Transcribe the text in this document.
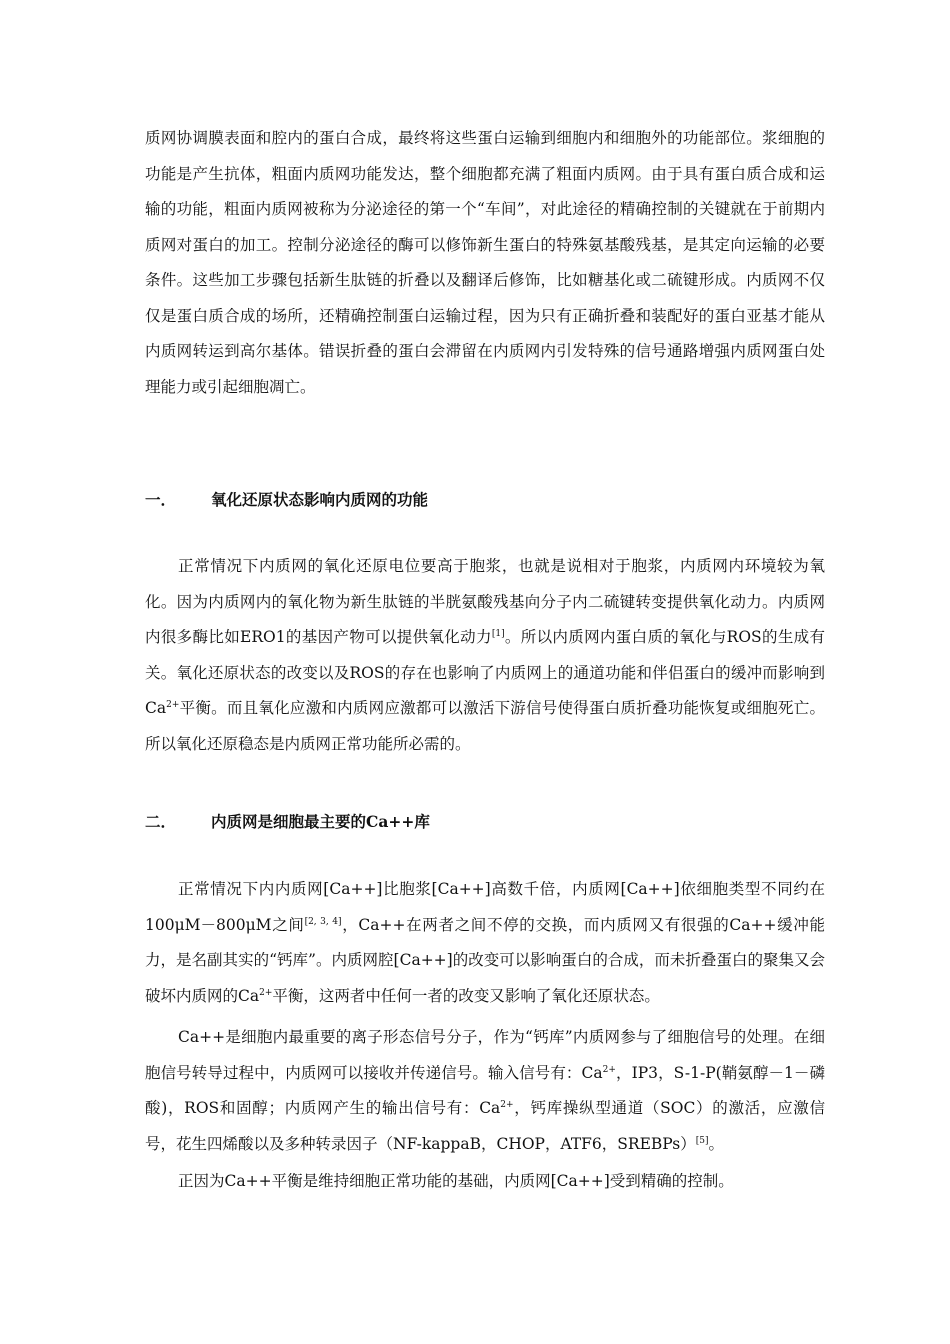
质网协调膜表面和腔内的蛋白合成，最终将这些蛋白运输到细胞内和细胞外的功能部位。浆细胞的功能是产生抗体，粗面内质网功能发达，整个细胞都充满了粗面内质网。由于具有蛋白质合成和运输的功能，粗面内质网被称为分泌途径的第一个“车间”，对此途径的精确控制的关键就在于前期内质网对蛋白的加工。控制分泌途径的酶可以修饰新生蛋白的特殊氨基酸残基，是其定向运输的必要条件。这些加工步骤包括新生肽链的折叠以及翻译后修饰，比如糖基化或二硫键形成。内质网不仅仅是蛋白质合成的场所，还精确控制蛋白运输过程，因为只有正确折叠和装配好的蛋白亚基才能从内质网转运到高尔基体。错误折叠的蛋白会滞留在内质网内引发特殊的信号通路增强内质网蛋白处理能力或引起细胞凋亡。

一． 氧化还原状态影响内质网的功能

正常情况下内质网的氧化还原电位要高于胞浆，也就是说相对于胞浆，内质网内环境较为氧化。因为内质网内的氧化物为新生肽链的半胱氨酸残基向分子内二硫键转变提供氧化动力。内质网内很多酶比如ERO1的基因产物可以提供氧化动力[1]。所以内质网内蛋白质的氧化与ROS的生成有关。氧化还原状态的改变以及ROS的存在也影响了内质网上的通道功能和伴侣蛋白的缓冲而影响到$Ca^{2+}$平衡。而且氧化应激和内质网应激都可以激活下游信号使得蛋白质折叠功能恢复或细胞死亡。所以氧化还原稳态是内质网正常功能所必需的。

二． 内质网是细胞最主要的Ca++库

正常情况下内内质网[Ca++]比胞浆[Ca++]高数千倍，内质网[Ca++]依细胞类型不同约在100μM－800μM之间[2, 3, 4]，Ca++在两者之间不停的交换，而内质网又有很强的Ca++缓冲能力，是名副其实的“钙库”。内质网腔[Ca++]的改变可以影响蛋白的合成，而未折叠蛋白的聚集又会破坏内质网的$Ca^{2+}$平衡，这两者中任何一者的改变又影响了氧化还原状态。

Ca++是细胞内最重要的离子形态信号分子，作为“钙库”内质网参与了细胞信号的处理。在细胞信号转导过程中，内质网可以接收并传递信号。输入信号有：$Ca^{2+}$，IP3，S-1-P(鞘氨醇－1－磷酸)，ROS和固醇；内质网产生的输出信号有：$Ca^{2+}$，钙库操纵型通道（SOC）的激活，应激信号，花生四烯酸以及多种转录因子（NF-kappaB，CHOP，ATF6，SREBPs）[5]。

正因为Ca++平衡是维持细胞正常功能的基础，内质网[Ca++]受到精确的控制。
